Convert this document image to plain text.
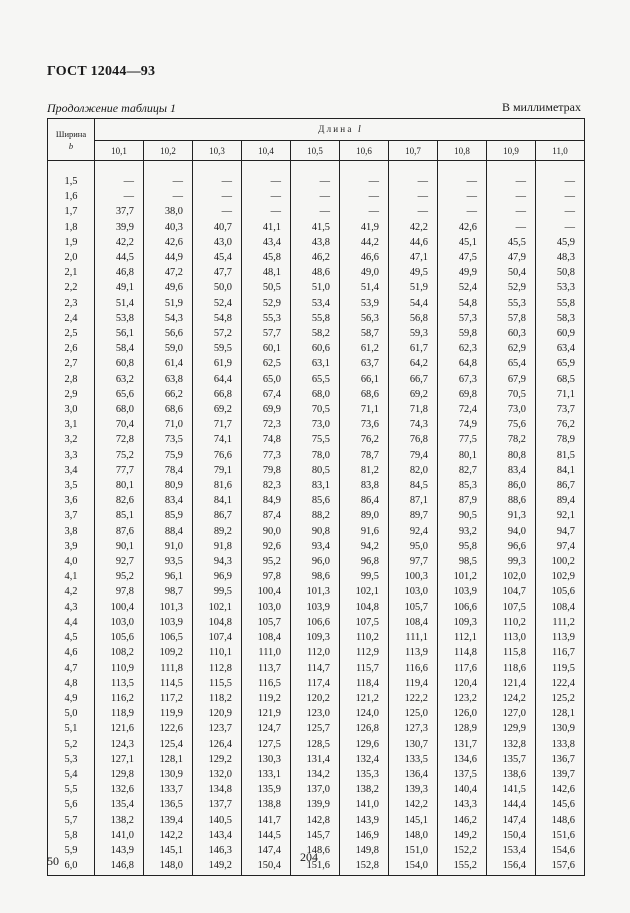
ГОСТ 12044—93
Продолжение таблицы 1	В миллиметрах
Ширина
b	Длина l									
	10,1	10,2	10,3	10,4	10,5	10,6	10,7	10,8	10,9	11,0

1,5	—	—	—	—	—	—	—	—	—	—
1,6	—	—	—	—	—	—	—	—	—	—
1,7	37,7	38,0	—	—	—	—	—	—	—	—
1,8	39,9	40,3	40,7	41,1	41,5	41,9	42,2	42,6	—	—
1,9	42,2	42,6	43,0	43,4	43,8	44,2	44,6	45,1	45,5	45,9
2,0	44,5	44,9	45,4	45,8	46,2	46,6	47,1	47,5	47,9	48,3
2,1	46,8	47,2	47,7	48,1	48,6	49,0	49,5	49,9	50,4	50,8
2,2	49,1	49,6	50,0	50,5	51,0	51,4	51,9	52,4	52,9	53,3
2,3	51,4	51,9	52,4	52,9	53,4	53,9	54,4	54,8	55,3	55,8
2,4	53,8	54,3	54,8	55,3	55,8	56,3	56,8	57,3	57,8	58,3
2,5	56,1	56,6	57,2	57,7	58,2	58,7	59,3	59,8	60,3	60,9
2,6	58,4	59,0	59,5	60,1	60,6	61,2	61,7	62,3	62,9	63,4
2,7	60,8	61,4	61,9	62,5	63,1	63,7	64,2	64,8	65,4	65,9
2,8	63,2	63,8	64,4	65,0	65,5	66,1	66,7	67,3	67,9	68,5
2,9	65,6	66,2	66,8	67,4	68,0	68,6	69,2	69,8	70,5	71,1
3,0	68,0	68,6	69,2	69,9	70,5	71,1	71,8	72,4	73,0	73,7
3,1	70,4	71,0	71,7	72,3	73,0	73,6	74,3	74,9	75,6	76,2
3,2	72,8	73,5	74,1	74,8	75,5	76,2	76,8	77,5	78,2	78,9
3,3	75,2	75,9	76,6	77,3	78,0	78,7	79,4	80,1	80,8	81,5
3,4	77,7	78,4	79,1	79,8	80,5	81,2	82,0	82,7	83,4	84,1
3,5	80,1	80,9	81,6	82,3	83,1	83,8	84,5	85,3	86,0	86,7
3,6	82,6	83,4	84,1	84,9	85,6	86,4	87,1	87,9	88,6	89,4
3,7	85,1	85,9	86,7	87,4	88,2	89,0	89,7	90,5	91,3	92,1
3,8	87,6	88,4	89,2	90,0	90,8	91,6	92,4	93,2	94,0	94,7
3,9	90,1	91,0	91,8	92,6	93,4	94,2	95,0	95,8	96,6	97,4
4,0	92,7	93,5	94,3	95,2	96,0	96,8	97,7	98,5	99,3	100,2
4,1	95,2	96,1	96,9	97,8	98,6	99,5	100,3	101,2	102,0	102,9
4,2	97,8	98,7	99,5	100,4	101,3	102,1	103,0	103,9	104,7	105,6
4,3	100,4	101,3	102,1	103,0	103,9	104,8	105,7	106,6	107,5	108,4
4,4	103,0	103,9	104,8	105,7	106,6	107,5	108,4	109,3	110,2	111,2
4,5	105,6	106,5	107,4	108,4	109,3	110,2	111,1	112,1	113,0	113,9
4,6	108,2	109,2	110,1	111,0	112,0	112,9	113,9	114,8	115,8	116,7
4,7	110,9	111,8	112,8	113,7	114,7	115,7	116,6	117,6	118,6	119,5
4,8	113,5	114,5	115,5	116,5	117,4	118,4	119,4	120,4	121,4	122,4
4,9	116,2	117,2	118,2	119,2	120,2	121,2	122,2	123,2	124,2	125,2
5,0	118,9	119,9	120,9	121,9	123,0	124,0	125,0	126,0	127,0	128,1
5,1	121,6	122,6	123,7	124,7	125,7	126,8	127,3	128,9	129,9	130,9
5,2	124,3	125,4	126,4	127,5	128,5	129,6	130,7	131,7	132,8	133,8
5,3	127,1	128,1	129,2	130,3	131,4	132,4	133,5	134,6	135,7	136,7
5,4	129,8	130,9	132,0	133,1	134,2	135,3	136,4	137,5	138,6	139,7
5,5	132,6	133,7	134,8	135,9	137,0	138,2	139,3	140,4	141,5	142,6
5,6	135,4	136,5	137,7	138,8	139,9	141,0	142,2	143,3	144,4	145,6
5,7	138,2	139,4	140,5	141,7	142,8	143,9	145,1	146,2	147,4	148,6
5,8	141,0	142,2	143,4	144,5	145,7	146,9	148,0	149,2	150,4	151,6
5,9	143,9	145,1	146,3	147,4	148,6	149,8	151,0	152,2	153,4	154,6
6,0	146,8	148,0	149,2	150,4	151,6	152,8	154,0	155,2	156,4	157,6
50	204
